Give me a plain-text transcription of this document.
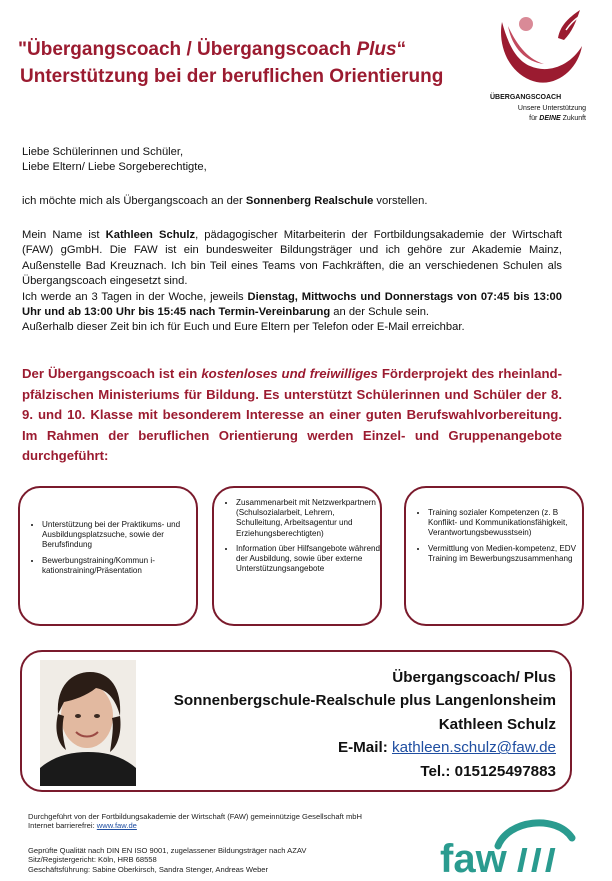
"Übergangscoach / Übergangscoach Plus“
Unterstützung bei der beruflichen Orientierung
ÜBERGANGSCOACH
Unsere Unterstützung
für DEINE Zukunft
Liebe Schülerinnen und Schüler,
Liebe Eltern/ Liebe Sorgeberechtigte,
ich möchte mich als Übergangscoach an der Sonnenberg Realschule vorstellen.
Mein Name ist Kathleen Schulz, pädagogischer Mitarbeiterin der Fortbildungsakademie der Wirtschaft (FAW) gGmbH. Die FAW ist ein bundesweiter Bildungsträger und ich gehöre zur Akademie Mainz, Außenstelle Bad Kreuznach. Ich bin Teil eines Teams von Fachkräften, die an verschiedenen Schulen als Übergangscoach eingesetzt sind.
Ich werde an 3 Tagen in der Woche, jeweils Dienstag, Mittwochs und Donnerstags von 07:45 bis 13:00 Uhr und ab 13:00 Uhr bis 15:45 nach Termin-Vereinbarung an der Schule sein.
Außerhalb dieser Zeit bin ich für Euch und Eure Eltern per Telefon oder E-Mail erreichbar.
Der Übergangscoach ist ein kostenloses und freiwilliges Förderprojekt des rheinland-pfälzischen Ministeriums für Bildung. Es unterstützt Schülerinnen und Schüler der 8. 9. und 10. Klasse mit besonderem Interesse an einer guten Berufswahlvorbereitung. Im Rahmen der beruflichen Orientierung werden Einzel- und Gruppenangebote durchgeführt:
• Unterstützung bei der Praktikums- und Ausbildungsplatzsuche, sowie der Berufsfindung
• Bewerbungstraining/Kommun i-kationstraining/Präsentation
• Zusammenarbeit mit Netzwerkpartnern (Schulsozialarbeit, Lehrern, Schulleitung, Arbeitsagentur und Erziehungsberechtigten)
• Information über Hilfsangebote während der Ausbildung, sowie über externe Unterstützungsangebote
• Training sozialer Kompetenzen (z. B Konflikt- und Kommunikationsfähigkeit, Verantwortungsbewusstsein)
• Vermittlung von Medien-kompetenz, EDV Training im Bewerbungszusammenhang
Übergangscoach/ Plus
Sonnenbergschule-Realschule plus Langenlonsheim
Kathleen Schulz
E-Mail: kathleen.schulz@faw.de
Tel.: 015125497883
Durchgeführt von der Fortbildungsakademie der Wirtschaft (FAW) gemeinnützige Gesellschaft mbH
Internet barrierefrei: www.faw.de
Geprüfte Qualität nach DIN EN ISO 9001, zugelassener Bildungsträger nach AZAV
Sitz/Registergericht: Köln, HRB 68558
Geschäftsführung: Sabine Oberkirsch, Sandra Stenger, Andreas Weber	faw
